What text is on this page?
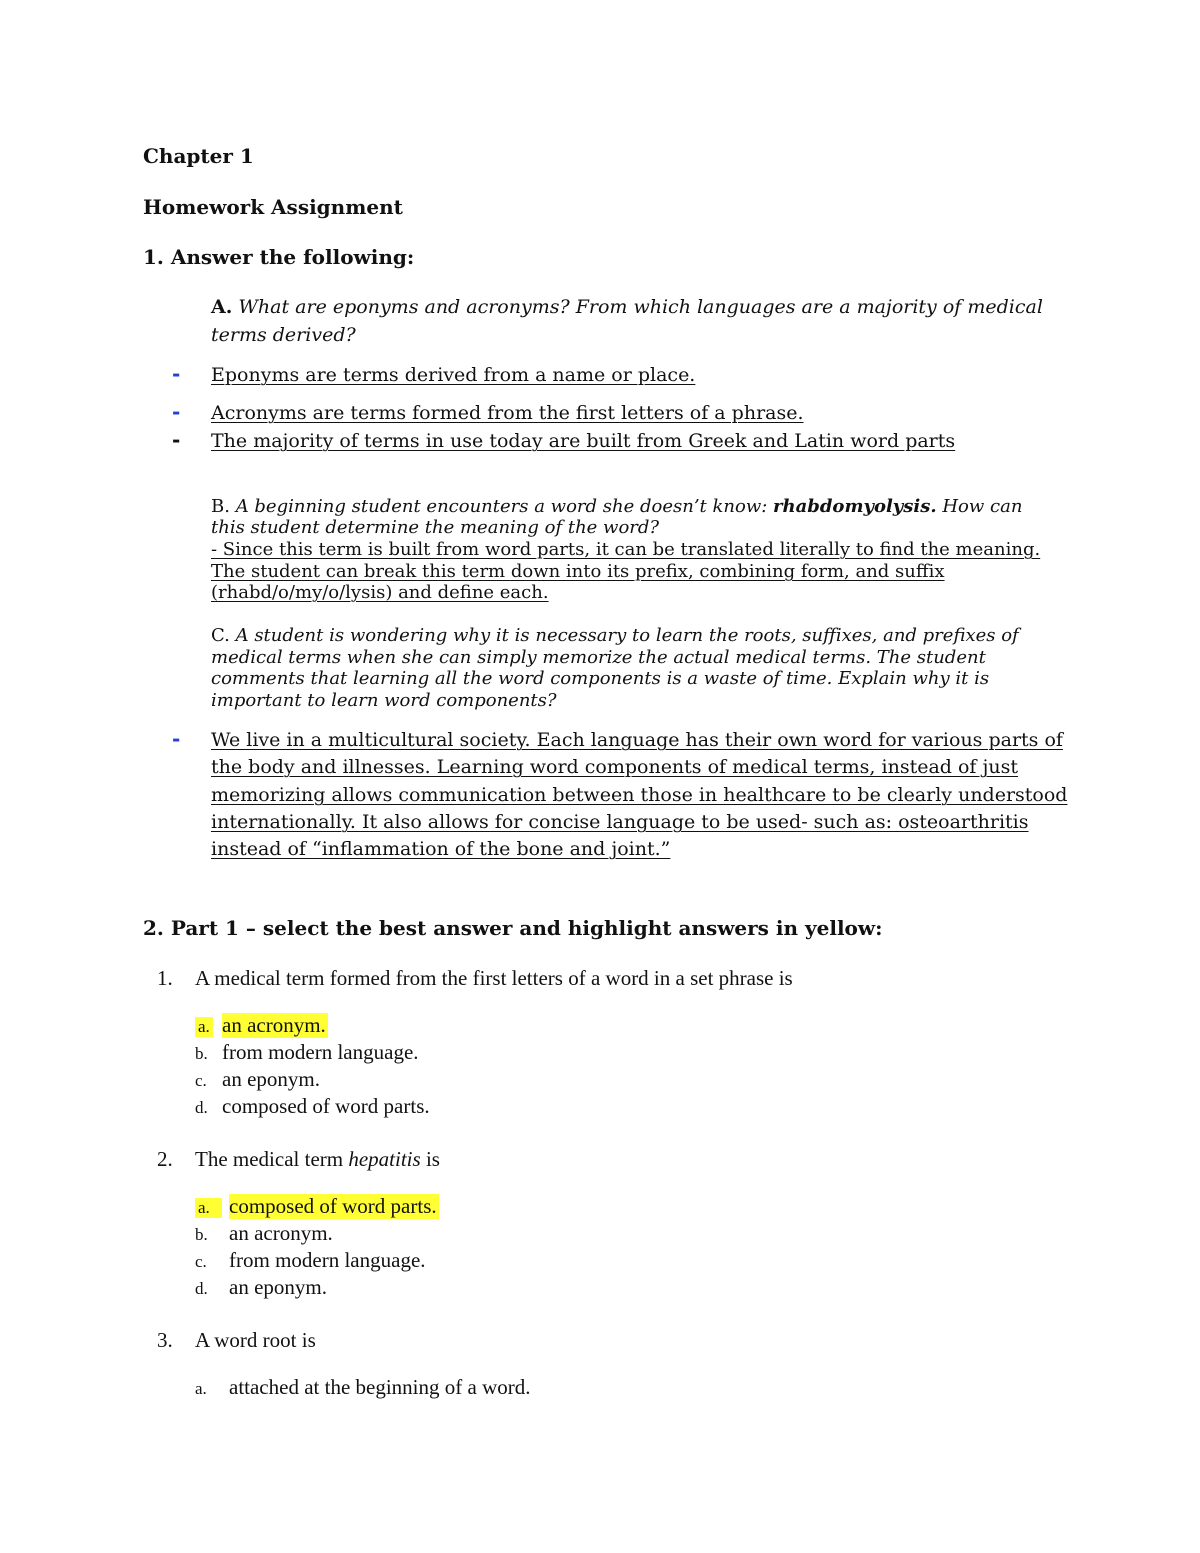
Chapter 1
Homework Assignment
1. Answer the following:
A. What are eponyms and acronyms? From which languages are a majority of medical
terms derived?
- Eponyms are terms derived from a name or place.
- Acronyms are terms formed from the first letters of a phrase.
- The majority of terms in use today are built from Greek and Latin word parts
B. A beginning student encounters a word she doesn’t know: rhabdomyolysis. How can
this student determine the meaning of the word?
- Since this term is built from word parts, it can be translated literally to find the meaning.
The student can break this term down into its prefix, combining form, and suffix
(rhabd/o/my/o/lysis) and define each.
C. A student is wondering why it is necessary to learn the roots, suffixes, and prefixes of
medical terms when she can simply memorize the actual medical terms. The student
comments that learning all the word components is a waste of time. Explain why it is
important to learn word components?
- We live in a multicultural society. Each language has their own word for various parts of
the body and illnesses. Learning word components of medical terms, instead of just
memorizing allows communication between those in healthcare to be clearly understood
internationally. It also allows for concise language to be used- such as: osteoarthritis
instead of “inflammation of the bone and joint.”
2. Part 1 – select the best answer and highlight answers in yellow:
1. A medical term formed from the first letters of a word in a set phrase is
a. an acronym.
b. from modern language.
c. an eponym.
d. composed of word parts.
2. The medical term hepatitis is
a. composed of word parts.
b. an acronym.
c. from modern language.
d. an eponym.
3. A word root is
a. attached at the beginning of a word.
